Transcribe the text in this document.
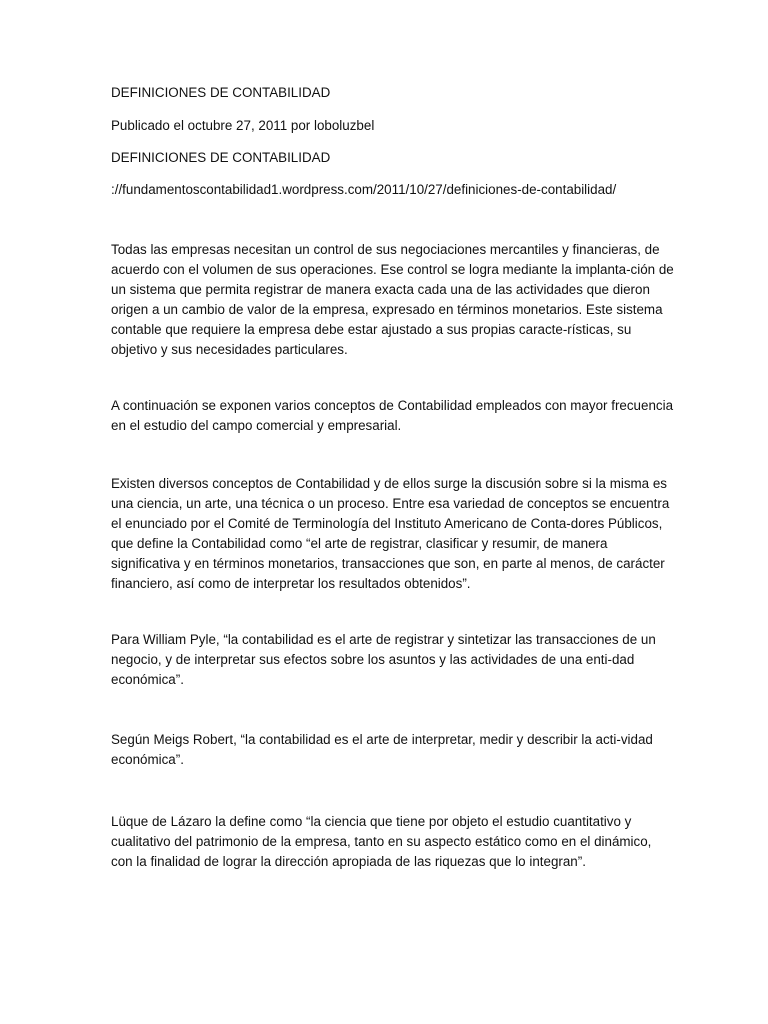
DEFINICIONES DE CONTABILIDAD

Publicado el octubre 27, 2011 por loboluzbel

DEFINICIONES DE CONTABILIDAD

://fundamentoscontabilidad1.wordpress.com/2011/10/27/definiciones-de-contabilidad/

Todas las empresas necesitan un control de sus negociaciones mercantiles y financieras, de
acuerdo con el volumen de sus operaciones. Ese control se logra mediante la implanta-ción de
un sistema que permita registrar de manera exacta cada una de las actividades que dieron
origen a un cambio de valor de la empresa, expresado en términos monetarios. Este sistema
contable que requiere la empresa debe estar ajustado a sus propias caracte-rísticas, su
objetivo y sus necesidades particulares.
A continuación se exponen varios conceptos de Contabilidad empleados con mayor frecuencia
en el estudio del campo comercial y empresarial.
Existen diversos conceptos de Contabilidad y de ellos surge la discusión sobre si la misma es
una ciencia, un arte, una técnica o un proceso. Entre esa variedad de conceptos se encuentra
el enunciado por el Comité de Terminología del Instituto Americano de Conta-dores Públicos,
que define la Contabilidad como “el arte de registrar, clasificar y resumir, de manera
significativa y en términos monetarios, transacciones que son, en parte al menos, de carácter
financiero, así como de interpretar los resultados obtenidos”.
Para William Pyle, “la contabilidad es el arte de registrar y sintetizar las transacciones de un
negocio, y de interpretar sus efectos sobre los asuntos y las actividades de una enti-dad
económica”.
Según Meigs Robert, “la contabilidad es el arte de interpretar, medir y describir la acti-vidad
económica”.
Lüque de Lázaro la define como “la ciencia que tiene por objeto el estudio cuantitativo y
cualitativo del patrimonio de la empresa, tanto en su aspecto estático como en el dinámico,
con la finalidad de lograr la dirección apropiada de las riquezas que lo integran”.
